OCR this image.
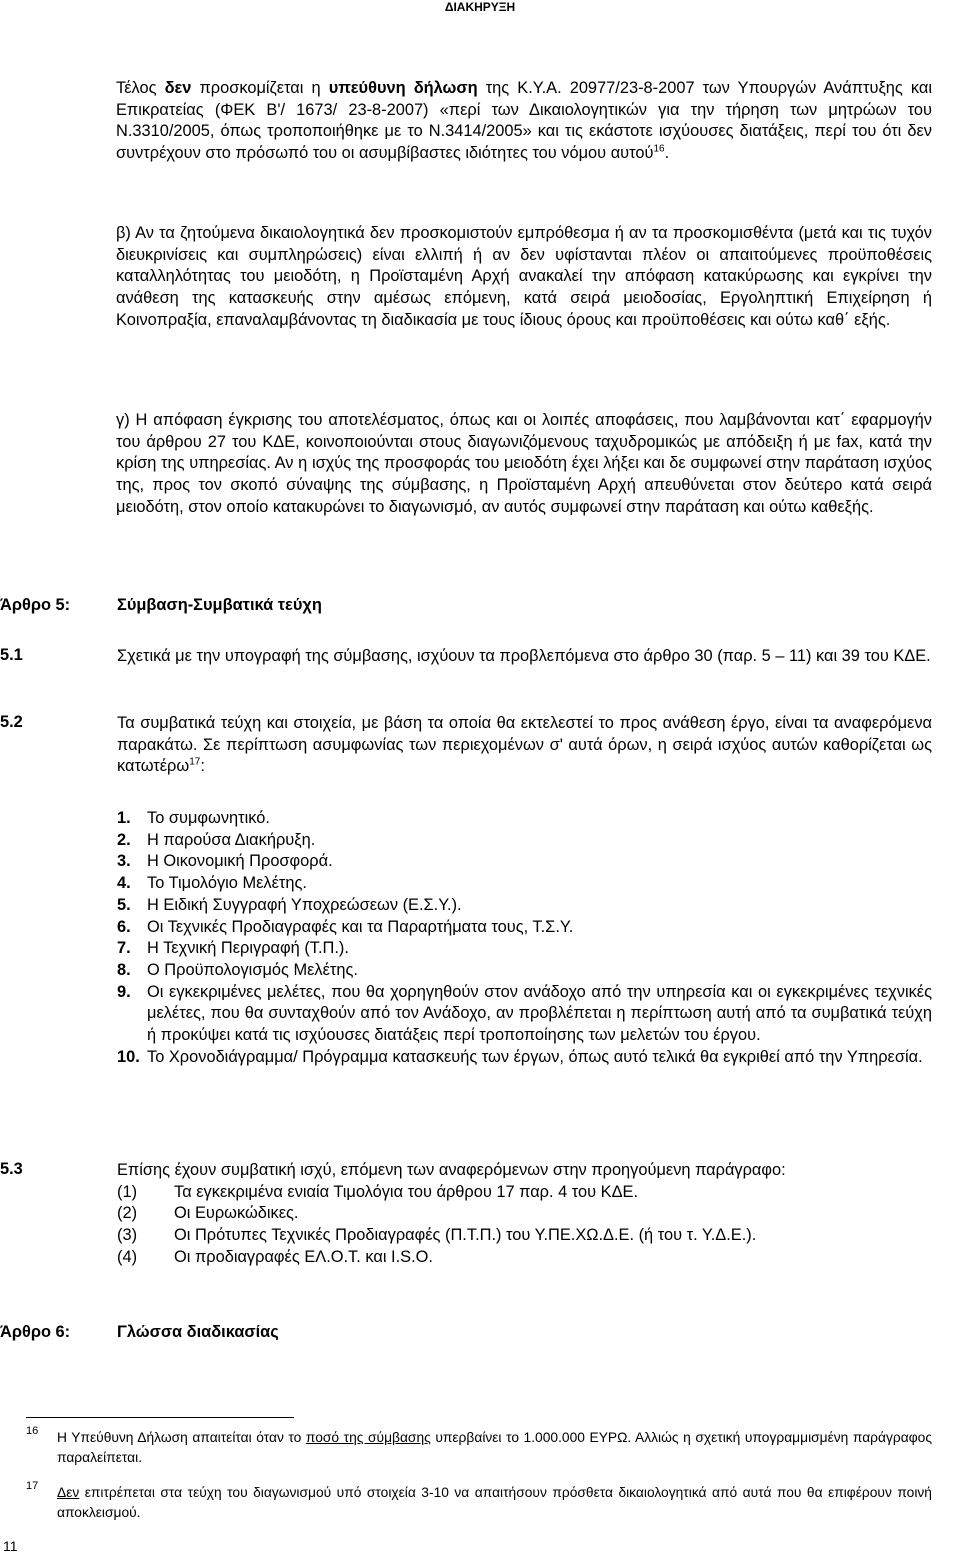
ΔΙΑΚΗΡΥΞΗ

Τέλος δεν προσκομίζεται η υπεύθυνη δήλωση της Κ.Υ.Α. 20977/23-8-2007 των Υπουργών Ανάπτυξης και Επικρατείας (ΦΕΚ Β'/ 1673/ 23-8-2007) «περί των Δικαιολογητικών για την τήρηση των μητρώων του Ν.3310/2005, όπως τροποποιήθηκε με το Ν.3414/2005» και τις εκάστοτε ισχύουσες διατάξεις, περί του ότι δεν συντρέχουν στο πρόσωπό του οι ασυμβίβαστες ιδιότητες του νόμου αυτού$^{16}$.

β) Αν τα ζητούμενα δικαιολογητικά δεν προσκομιστούν εμπρόθεσμα ή αν τα προσκομισθέντα (μετά και τις τυχόν διευκρινίσεις και συμπληρώσεις) είναι ελλιπή ή αν δεν υφίστανται πλέον οι απαιτούμενες προϋποθέσεις καταλληλότητας του μειοδότη, η Προϊσταμένη Αρχή ανακαλεί την απόφαση κατακύρωσης και εγκρίνει την ανάθεση της κατασκευής στην αμέσως επόμενη, κατά σειρά μειοδοσίας, Εργοληπτική Επιχείρηση ή Κοινοπραξία, επαναλαμβάνοντας τη διαδικασία με τους ίδιους όρους και προϋποθέσεις και ούτω καθ΄ εξής.

γ) Η απόφαση έγκρισης του αποτελέσματος, όπως και οι λοιπές αποφάσεις, που λαμβάνονται κατ΄ εφαρμογήν του άρθρου 27 του ΚΔΕ, κοινοποιούνται στους διαγωνιζόμενους ταχυδρομικώς με απόδειξη ή με fax, κατά την κρίση της υπηρεσίας. Αν η ισχύς της προσφοράς του μειοδότη έχει λήξει και δε συμφωνεί στην παράταση ισχύος της, προς τον σκοπό σύναψης της σύμβασης, η Προϊσταμένη Αρχή απευθύνεται στον δεύτερο κατά σειρά μειοδότη, στον οποίο κατακυρώνει το διαγωνισμό, αν αυτός συμφωνεί στην παράταση και ούτω καθεξής.

Άρθρο 5:	Σύμβαση-Συμβατικά τεύχη
5.1	Σχετικά με την υπογραφή της σύμβασης, ισχύουν τα προβλεπόμενα στο άρθρο 30 (παρ. 5 – 11) και 39 του ΚΔΕ.

5.2	Τα συμβατικά τεύχη και στοιχεία, με βάση τα οποία θα εκτελεστεί το προς ανάθεση έργο, είναι τα αναφερόμενα παρακάτω. Σε περίπτωση ασυμφωνίας των περιεχομένων σ' αυτά όρων, η σειρά ισχύος αυτών καθορίζεται ως κατωτέρω$^{17}$:

1. Το συμφωνητικό.
2. Η παρούσα Διακήρυξη.
3. Η Οικονομική Προσφορά.
4. Το Τιμολόγιο Μελέτης.
5. Η Ειδική Συγγραφή Υποχρεώσεων (Ε.Σ.Υ.).
6. Οι Τεχνικές Προδιαγραφές και τα Παραρτήματα τους, Τ.Σ.Υ.
7. Η Τεχνική Περιγραφή (Τ.Π.).
8. Ο Προϋπολογισμός Μελέτης.
9. Οι εγκεκριμένες μελέτες, που θα χορηγηθούν στον ανάδοχο από την υπηρεσία και οι εγκεκριμένες τεχνικές μελέτες, που θα συνταχθούν από τον Ανάδοχο, αν προβλέπεται η περίπτωση αυτή από τα συμβατικά τεύχη ή προκύψει κατά τις ισχύουσες διατάξεις περί τροποποίησης των μελετών του έργου.
10. Το Χρονοδιάγραμμα/ Πρόγραμμα κατασκευής των έργων, όπως αυτό τελικά θα εγκριθεί από την Υπηρεσία.
5.3	Επίσης έχουν συμβατική ισχύ, επόμενη των αναφερόμενων στην προηγούμενη παράγραφο:

(1) Τα εγκεκριμένα ενιαία Τιμολόγια του άρθρου 17 παρ. 4 του ΚΔΕ.
(2) Οι Ευρωκώδικες.
(3) Οι Πρότυπες Τεχνικές Προδιαγραφές (Π.Τ.Π.) του Υ.ΠΕ.ΧΩ.Δ.Ε. (ή του τ. Υ.Δ.Ε.).
(4) Οι προδιαγραφές ΕΛ.Ο.Τ. και I.S.O.
Άρθρο 6:	Γλώσσα διαδικασίας
16 Η Υπεύθυνη Δήλωση απαιτείται όταν το ποσό της σύμβασης υπερβαίνει το 1.000.000 ΕΥΡΩ. Αλλιώς η σχετική υπογραμμισμένη παράγραφος παραλείπεται.
17 Δεν επιτρέπεται στα τεύχη του διαγωνισμού υπό στοιχεία 3-10 να απαιτήσουν πρόσθετα δικαιολογητικά από αυτά που θα επιφέρουν ποινή αποκλεισμού.
11
